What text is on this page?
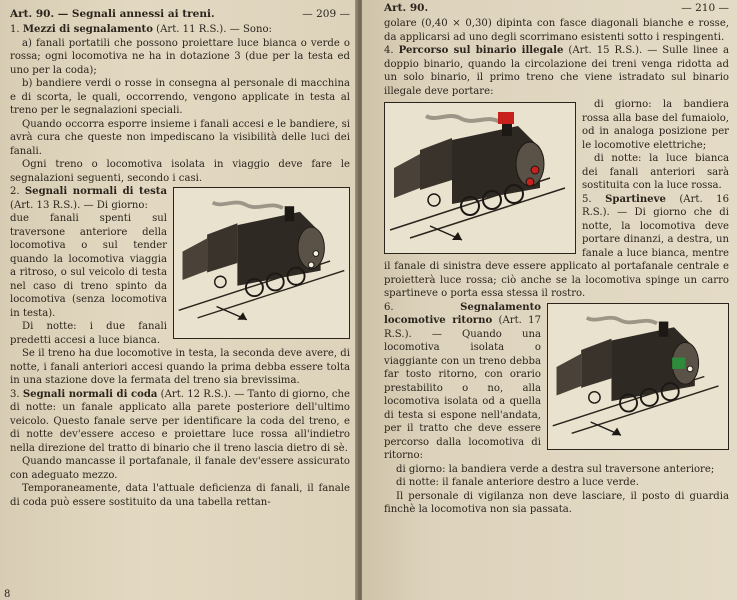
Art. 90. — Segnali annessi ai treni.	— 209 —

1. Mezzi di segnalamento (Art. 11 R.S.). — Sono:

a) fanali portatili che possono proiettare luce bianca o verde o rossa; ogni locomotiva ne ha in dotazione 3 (due per la testa ed uno per la coda);

b) bandiere verdi o rosse in consegna al personale di macchina e di scorta, le quali, occorrendo, vengono applicate in testa al treno per le segnalazioni speciali.

Quando occorra esporre insieme i fanali accesi e le bandiere, si avrà cura che queste non impediscano la visibilità delle luci dei fanali.

Ogni treno o locomotiva isolata in viaggio deve fare le segnalazioni seguenti, secondo i casi.

2. Segnali normali di testa (Art. 13 R.S.). — Di giorno:

due fanali spenti sul traversone anteriore della locomotiva o sul tender quando la locomotiva viaggia a ritroso, o sul veicolo di testa nel caso di treno spinto da locomotiva (senza locomotiva in testa).

Di notte: i due fanali predetti accesi a luce bianca.

Se il treno ha due locomotive in testa, la seconda deve avere, di notte, i fanali anteriori accesi quando la prima debba essere tolta in una stazione dove la fermata del treno sia brevissima.

3. Segnali normali di coda (Art. 12 R.S.). — Tanto di giorno, che di notte: un fanale applicato alla parete posteriore dell'ultimo veicolo. Questo fanale serve per identificare la coda del treno, e di notte dev'essere acceso e proiettare luce rossa all'indietro nella direzione del tratto di binario che il treno lascia dietro di sè.

Quando mancasse il portafanale, il fanale dev'essere assicurato con adeguato mezzo.

Temporaneamente, data l'attuale deficienza di fanali, il fanale di coda può essere sostituito da una tabella rettan-

8
Art. 90.	— 210 —

golare (0,40 × 0,30) dipinta con fasce diagonali bianche e rosse, da applicarsi ad uno degli scorrimano esistenti sotto i respingenti.

4. Percorso sul binario illegale (Art. 15 R.S.). — Sulle linee a doppio binario, quando la circolazione dei treni venga ridotta ad un solo binario, il primo treno che viene istradato sul binario illegale deve portare:

di giorno: la bandiera rossa alla base del fumaiolo, od in analoga posizione per le locomotive elettriche;

di notte: la luce bianca dei fanali anteriori sarà sostituita con la luce rossa.

5. Spartineve (Art. 16 R.S.). — Di giorno che di notte, la locomotiva deve portare dinanzi, a destra, un fanale a luce bianca, mentre il fanale di sinistra deve essere applicato al portafanale centrale e proietterà luce rossa; ciò anche se la locomotiva spinge un carro spartineve o porta essa stessa il rostro.

6.	Segnalamento locomotive ritorno (Art. 17 R.S.). — Quando una locomotiva isolata o viaggiante con un treno debba far tosto ritorno, con orario prestabilito o no, alla locomotiva isolata od a quella di testa si espone nell'andata, per il tratto che deve essere percorso dalla locomotiva di ritorno:

di giorno: la bandiera verde a destra sul traversone anteriore;

di notte: il fanale anteriore destro a luce verde.

Il personale di vigilanza non deve lasciare, il posto di guardia finchè la locomotiva non sia passata.
